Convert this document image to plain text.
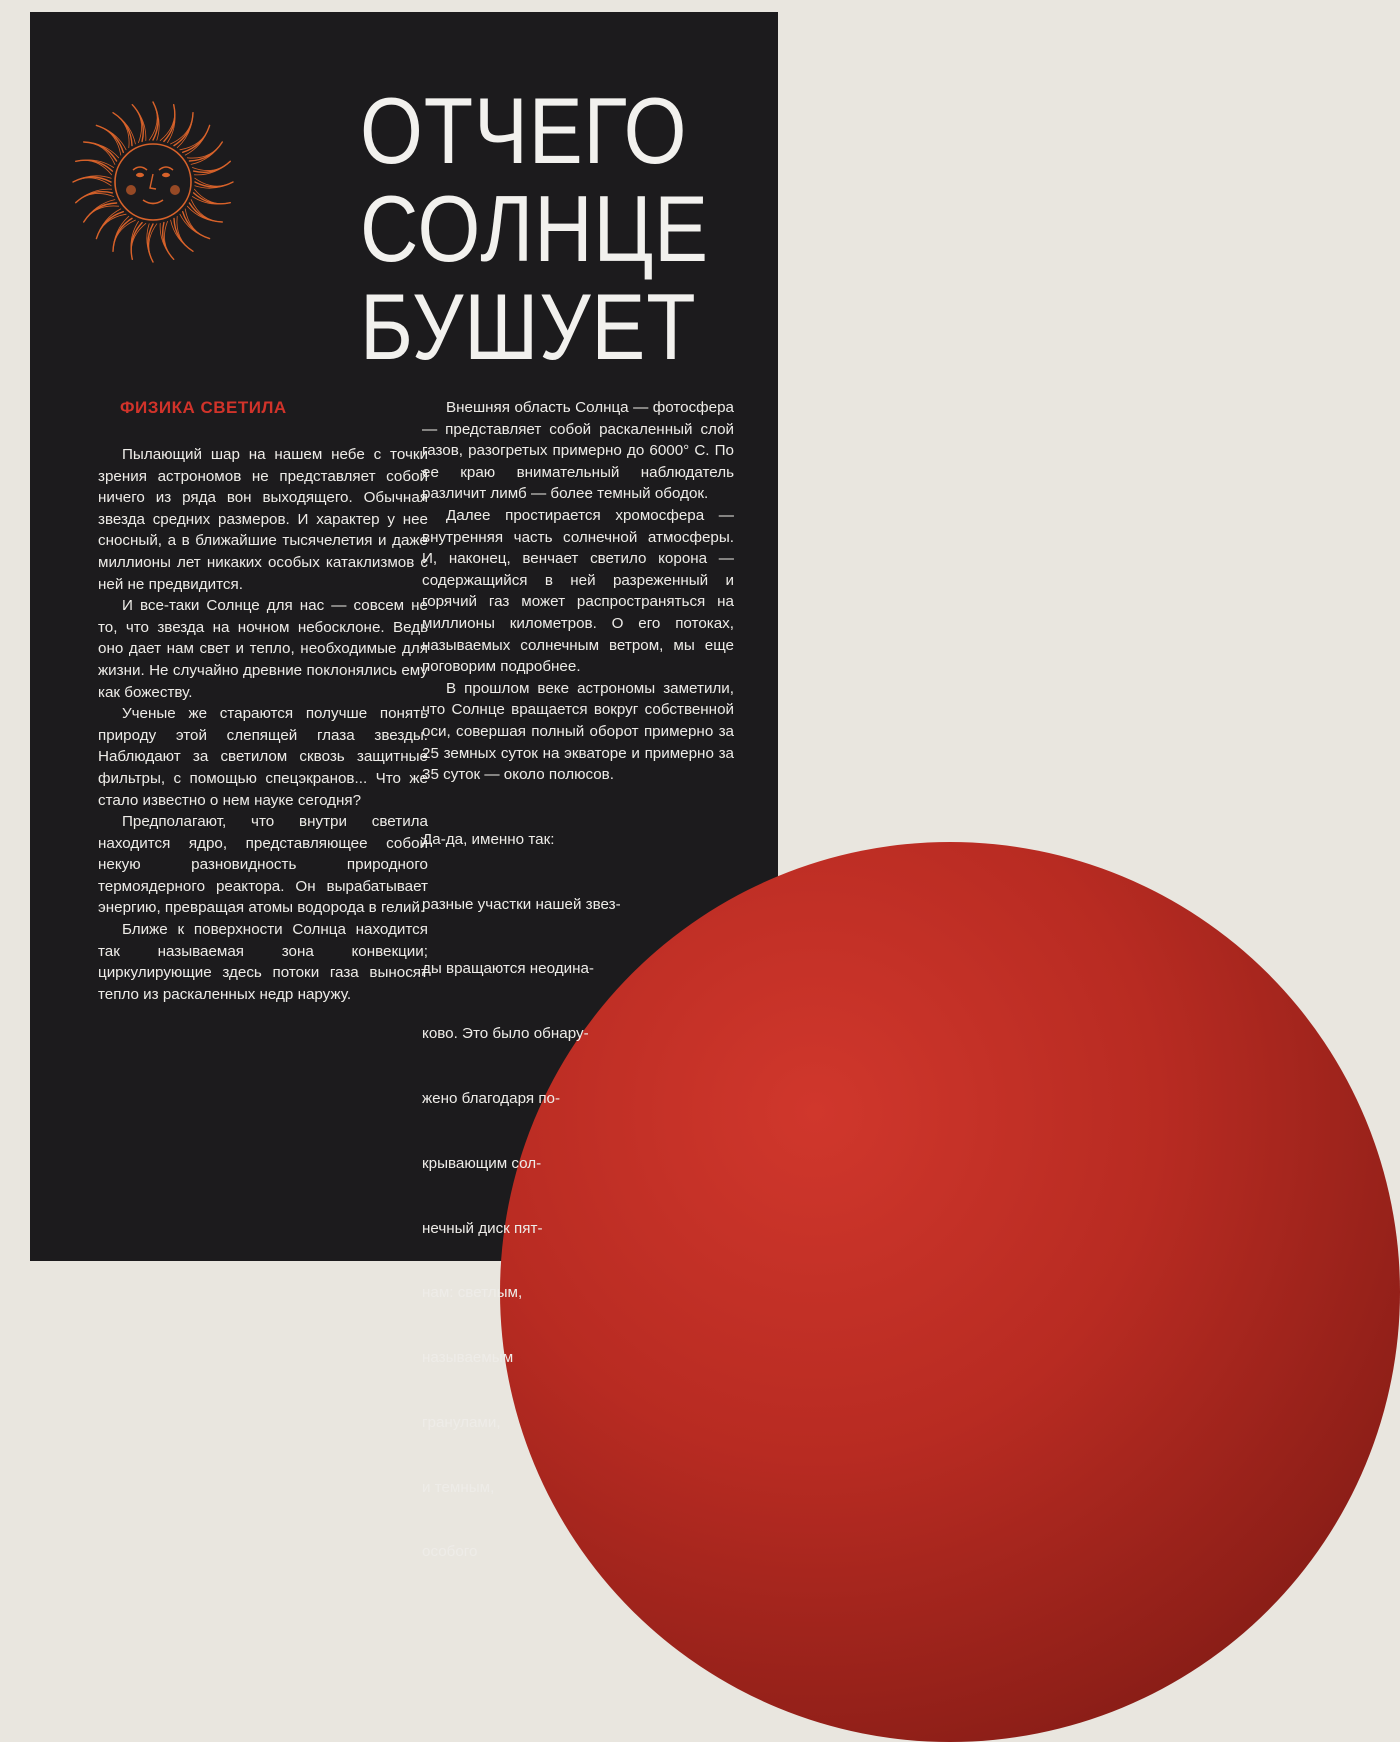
ОТЧЕГО
СОЛНЦЕ
БУШУЕТ
ФИЗИКА СВЕТИЛА

Пылающий шар на нашем небе с точки зрения астрономов не представляет собой ничего из ряда вон выходящего. Обычная звезда средних размеров. И характер у нее сносный, а в ближайшие тысячелетия и даже миллионы лет никаких особых катаклизмов с ней не предвидится.

И все-таки Солнце для нас — совсем не то, что звезда на ночном небосклоне. Ведь оно дает нам свет и тепло, необходимые для жизни. Не случайно древние поклонялись ему как божеству.

Ученые же стараются получше понять природу этой слепящей глаза звезды. Наблюдают за светилом сквозь защитные фильтры, с помощью спецэкранов... Что же стало известно о нем науке сегодня?

Предполагают, что внутри светила находится ядро, представляющее собой некую разновидность природного термоядерного реактора. Он вырабатывает энергию, превращая атомы водорода в гелий.

Ближе к поверхности Солнца находится так называемая зона конвекции; циркулирующие здесь потоки газа выносят тепло из раскаленных недр наружу.

Внешняя область Солнца — фотосфера — представляет собой раскаленный слой газов, разогретых примерно до 6000° С. По ее краю внимательный наблюдатель различит лимб — более темный ободок.

Далее простирается хромосфера — внутренняя часть солнечной атмосферы. И, наконец, венчает светило корона — содержащийся в ней разреженный и горячий газ может распространяться на миллионы километров. О его потоках, называемых солнечным ветром, мы еще поговорим подробнее.

В прошлом веке астрономы заметили, что Солнце вращается вокруг собственной оси, совершая полный оборот примерно за 25 земных суток на экваторе и примерно за 35 суток — около полюсов.

Да-да, именно так:

разные участки нашей звез-

ды вращаются неодина-

ково. Это было обнару-

жено благодаря по-

крывающим сол-

нечный диск пят-

нам: светлым,

называемым

гранулами,

и темным,

особого
